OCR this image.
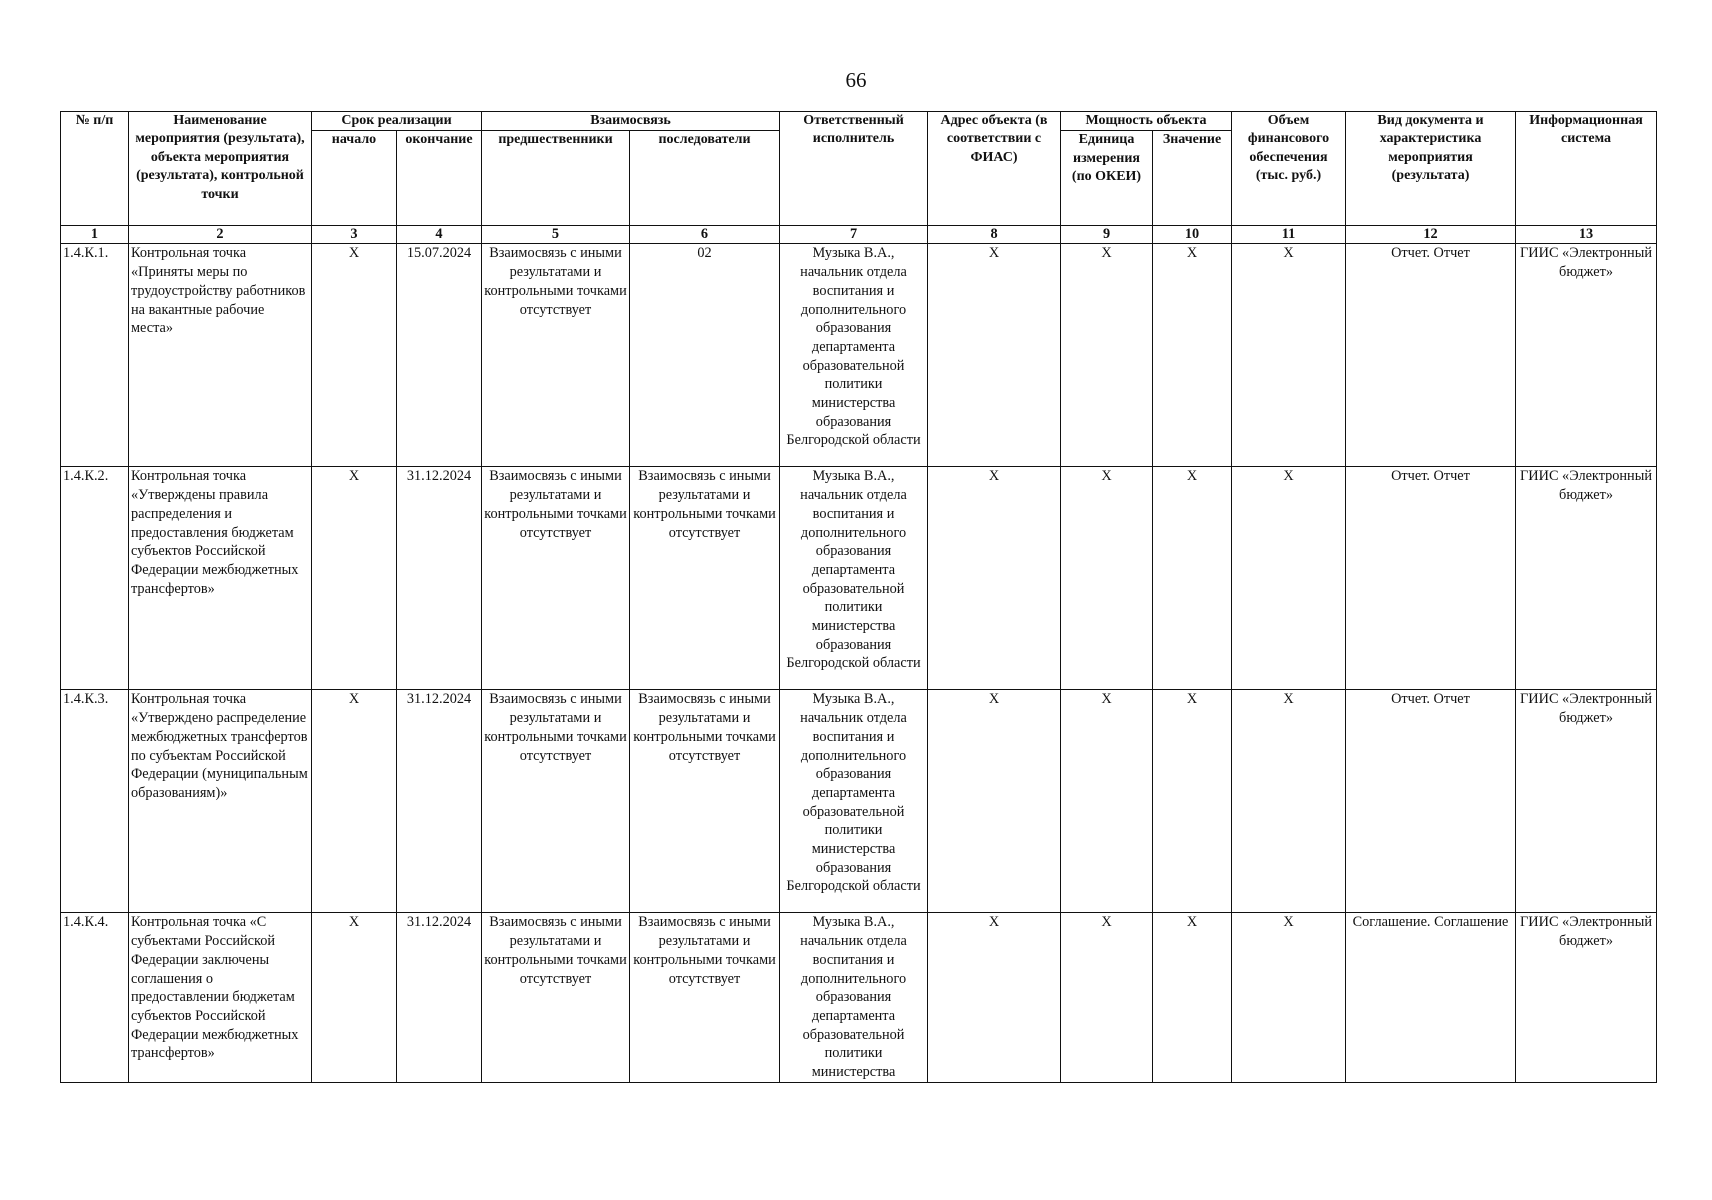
66
№ п/п	Наименование мероприятия (результата), объекта мероприятия (результата), контрольной точки	Срок реализации		Взаимосвязь		Ответственный исполнитель	Адрес объекта (в соответствии с ФИАС)	Мощность объекта		Объем финансового обеспечения (тыс. руб.)	Вид документа и характеристика мероприятия (результата)	Информационная система
		начало	окончание	предшественники	последователи			Единица измерения (по ОКЕИ)	Значение			
1	2	3	4	5	6	7	8	9	10	11	12	13
1.4.К.1.	Контрольная точка «Приняты меры по трудоустройству работников на вакантные рабочие места»	Х	15.07.2024	Взаимосвязь с иными результатами и контрольными точками отсутствует	02	Музыка В.А., начальник отдела воспитания и дополнительного образования департамента образовательной политики министерства образования Белгородской области	Х	Х	Х	Х	Отчет. Отчет	ГИИС «Электронный бюджет»
1.4.К.2.	Контрольная точка «Утверждены правила распределения и предоставления бюджетам субъектов Российской Федерации межбюджетных трансфертов»	Х	31.12.2024	Взаимосвязь с иными результатами и контрольными точками отсутствует	Взаимосвязь с иными результатами и контрольными точками отсутствует	Музыка В.А., начальник отдела воспитания и дополнительного образования департамента образовательной политики министерства образования Белгородской области	Х	Х	Х	Х	Отчет. Отчет	ГИИС «Электронный бюджет»
1.4.К.3.	Контрольная точка «Утверждено распределение межбюджетных трансфертов по субъектам Российской Федерации (муниципальным образованиям)»	Х	31.12.2024	Взаимосвязь с иными результатами и контрольными точками отсутствует	Взаимосвязь с иными результатами и контрольными точками отсутствует	Музыка В.А., начальник отдела воспитания и дополнительного образования департамента образовательной политики министерства образования Белгородской области	Х	Х	Х	Х	Отчет. Отчет	ГИИС «Электронный бюджет»
1.4.К.4.	Контрольная точка «С субъектами Российской Федерации заключены соглашения о предоставлении бюджетам субъектов Российской Федерации межбюджетных трансфертов»	Х	31.12.2024	Взаимосвязь с иными результатами и контрольными точками отсутствует	Взаимосвязь с иными результатами и контрольными точками отсутствует	Музыка В.А., начальник отдела воспитания и дополнительного образования департамента образовательной политики министерства	Х	Х	Х	Х	Соглашение. Соглашение	ГИИС «Электронный бюджет»
